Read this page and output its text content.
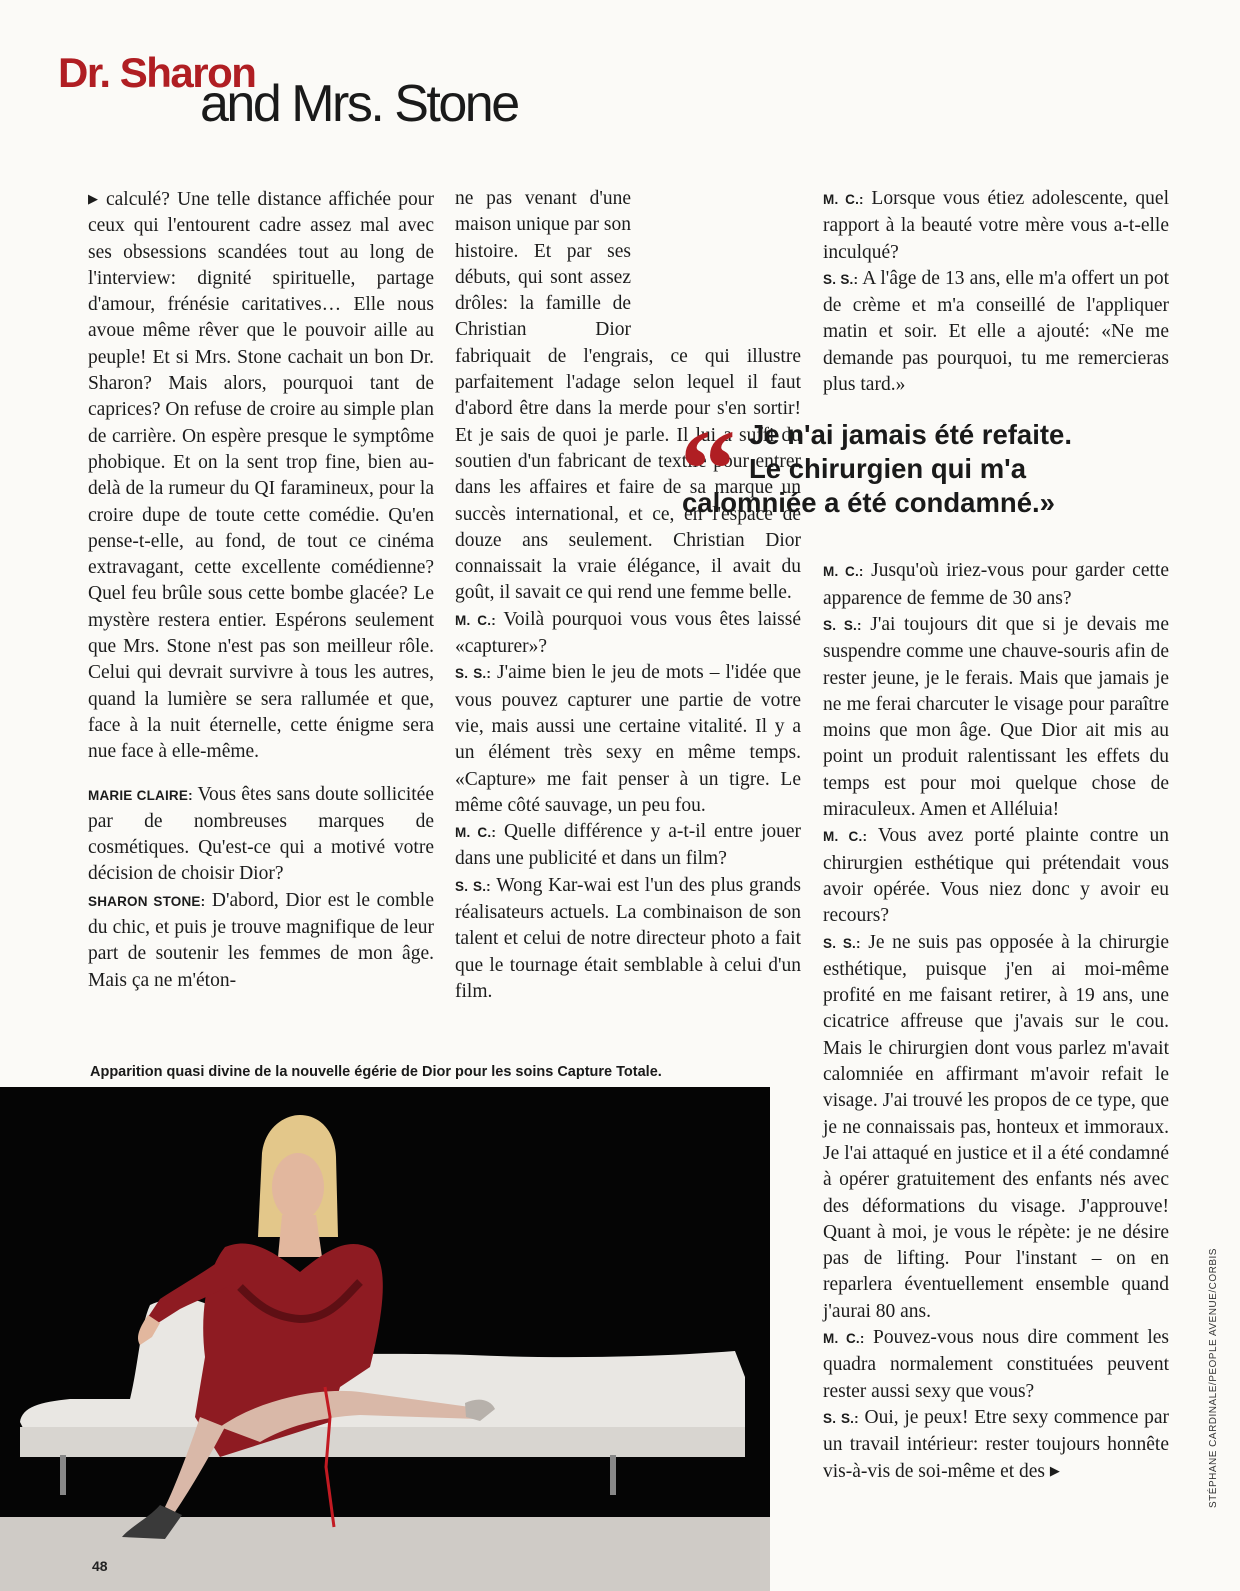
Dr. Sharon
and Mrs. Stone

▶ calculé? Une telle distance affichée pour ceux qui l'entourent cadre assez mal avec ses obsessions scandées tout au long de l'interview: dignité spirituelle, partage d'amour, frénésie caritatives… Elle nous avoue même rêver que le pouvoir aille au peuple! Et si Mrs. Stone cachait un bon Dr. Sharon? Mais alors, pourquoi tant de caprices? On refuse de croire au simple plan de carrière. On espère presque le symptôme phobique. Et on la sent trop fine, bien au-delà de la rumeur du QI faramineux, pour la croire dupe de toute cette comédie. Qu'en pense-t-elle, au fond, de tout ce cinéma extravagant, cette excellente comédienne? Quel feu brûle sous cette bombe glacée? Le mystère restera entier. Espérons seulement que Mrs. Stone n'est pas son meilleur rôle. Celui qui devrait survivre à tous les autres, quand la lumière se sera rallumée et que, face à la nuit éternelle, cette énigme sera nue face à elle-même.

MARIE CLAIRE: Vous êtes sans doute sollicitée par de nombreuses marques de cosmétiques. Qu'est-ce qui a motivé votre décision de choisir Dior?

SHARON STONE: D'abord, Dior est le comble du chic, et puis je trouve magnifique de leur part de soutenir les femmes de mon âge. Mais ça ne m'éton-

ne pas venant d'une maison unique par son histoire. Et par ses débuts, qui sont assez drôles: la famille de Christian Dior fabriquait de l'engrais, ce qui illustre parfaitement l'adage selon lequel il faut d'abord être dans la merde pour s'en sortir! Et je sais de quoi je parle. Il lui a suffi du soutien d'un fabricant de textile pour entrer dans les affaires et faire de sa marque un succès international, et ce, en l'espace de douze ans seulement. Christian Dior connaissait la vraie élégance, il avait du goût, il savait ce qui rend une femme belle.

M. C.: Voilà pourquoi vous vous êtes laissé «capturer»?

S. S.: J'aime bien le jeu de mots – l'idée que vous pouvez capturer une partie de votre vie, mais aussi une certaine vitalité. Il y a un élément très sexy en même temps. «Capture» me fait penser à un tigre. Le même côté sauvage, un peu fou.

M. C.: Quelle différence y a-t-il entre jouer dans une publicité et dans un film?

S. S.: Wong Kar-wai est l'un des plus grands réalisateurs actuels. La combinaison de son talent et celui de notre directeur photo a fait que le tournage était semblable à celui d'un film.

M. C.: Lorsque vous étiez adolescente, quel rapport à la beauté votre mère vous a-t-elle inculqué?

S. S.: A l'âge de 13 ans, elle m'a offert un pot de crème et m'a conseillé de l'appliquer matin et soir. Et elle a ajouté: «Ne me demande pas pourquoi, tu me remercieras plus tard.»

M. C.: Jusqu'où iriez-vous pour garder cette apparence de femme de 30 ans?

S. S.: J'ai toujours dit que si je devais me suspendre comme une chauve-souris afin de rester jeune, je le ferais. Mais que jamais je ne me ferai charcuter le visage pour paraître moins que mon âge. Que Dior ait mis au point un produit ralentissant les effets du temps est pour moi quelque chose de miraculeux. Amen et Alléluia!

M. C.: Vous avez porté plainte contre un chirurgien esthétique qui prétendait vous avoir opérée. Vous niez donc y avoir eu recours?

S. S.: Je ne suis pas opposée à la chirurgie esthétique, puisque j'en ai moi-même profité en me faisant retirer, à 19 ans, une cicatrice affreuse que j'avais sur le cou. Mais le chirurgien dont vous parlez m'avait calomniée en affirmant m'avoir refait le visage. J'ai trouvé les propos de ce type, que je ne connaissais pas, honteux et immoraux. Je l'ai attaqué en justice et il a été condamné à opérer gratuitement des enfants nés avec des déformations du visage. J'approuve! Quant à moi, je vous le répète: je ne désire pas de lifting. Pour l'instant – on en reparlera éventuellement ensemble quand j'aurai 80 ans.

M. C.: Pouvez-vous nous dire comment les quadra normalement constituées peuvent rester aussi sexy que vous?

S. S.: Oui, je peux! Etre sexy commence par un travail intérieur: rester toujours honnête vis-à-vis de soi-même et des ▶

“ Je n'ai jamais été refaite.
Le chirurgien qui m'a
calomniée a été condamné.»
Apparition quasi divine de la nouvelle égérie de Dior pour les soins Capture Totale.
48
STÉPHANE CARDINALE/PEOPLE AVENUE/CORBIS
